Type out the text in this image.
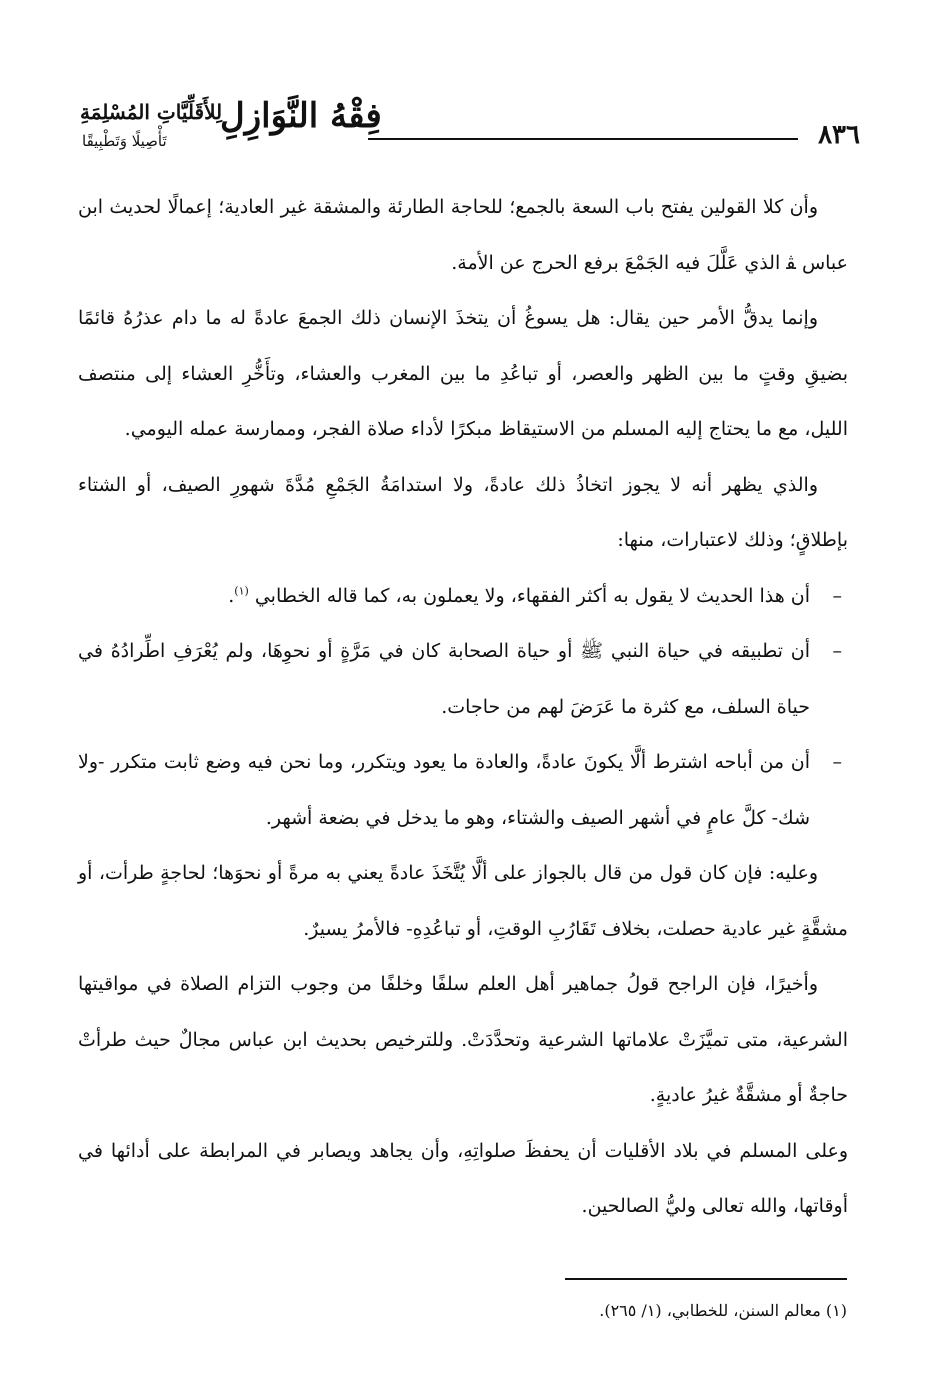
٨٣٦
فِقْهُ النَّوَازِلِ
لِلأَقَلِّيَّاتِ المُسْلِمَةِ
تَأْصِيلًا وَتَطْبِيقًا

وأن كلا القولين يفتح باب السعة بالجمع؛ للحاجة الطارئة والمشقة غير العادية؛ إعمالًا لحديث ابن عباس ﭭ الذي عَلَّلَ فيه الجَمْعَ برفع الحرج عن الأمة.

وإنما يدقُّ الأمر حين يقال: هل يسوغُ أن يتخذَ الإنسان ذلك الجمعَ عادةً له ما دام عذرُهُ قائمًا بضيقِ وقتٍ ما بين الظهر والعصر، أو تباعُدِ ما بين المغرب والعشاء، وتأَخُّرِ العشاء إلى منتصف الليل، مع ما يحتاج إليه المسلم من الاستيقاظ مبكرًا لأداء صلاة الفجر، وممارسة عمله اليومي.

والذي يظهر أنه لا يجوز اتخاذُ ذلك عادةً، ولا استدامَةُ الجَمْعِ مُدَّةَ شهورِ الصيف، أو الشتاء بإطلاقٍ؛ وذلك لاعتبارات، منها:

–
أن هذا الحديث لا يقول به أكثر الفقهاء، ولا يعملون به، كما قاله الخطابي $^{(١)}$.

–
أن تطبيقه في حياة النبي ﷺ أو حياة الصحابة كان في مَرَّةٍ أو نحوِهَا، ولم يُعْرَفِ اطِّرادُهُ في حياة السلف، مع كثرة ما عَرَضَ لهم من حاجات.

–
أن من أباحه اشترط ألَّا يكونَ عادةً، والعادة ما يعود ويتكرر، وما نحن فيه وضع ثابت متكرر -ولا شك- كلَّ عامٍ في أشهر الصيف والشتاء، وهو ما يدخل في بضعة أشهر.

وعليه: فإن كان قول من قال بالجواز على ألَّا يُتَّخَذَ عادةً يعني به مرةً أو نحوَها؛ لحاجةٍ طرأت، أو مشقَّةٍ غير عادية حصلت، بخلاف تَقَارُبِ الوقتِ، أو تباعُدِهِ- فالأمرُ يسيرٌ.

وأخيرًا، فإن الراجح قولُ جماهير أهل العلم سلفًا وخلفًا من وجوب التزام الصلاة في مواقيتها الشرعية، متى تميَّزَتْ علاماتها الشرعية وتحدَّدَتْ. وللترخيص بحديث ابن عباس مجالٌ حيث طرأتْ حاجةٌ أو مشقَّةٌ غيرُ عاديةٍ.

وعلى المسلم في بلاد الأقليات أن يحفظَ صلواتِهِ، وأن يجاهد ويصابر في المرابطة على أدائها في أوقاتها، والله تعالى وليُّ الصالحين.

(١) معالم السنن، للخطابي، (١/ ٢٦٥).
